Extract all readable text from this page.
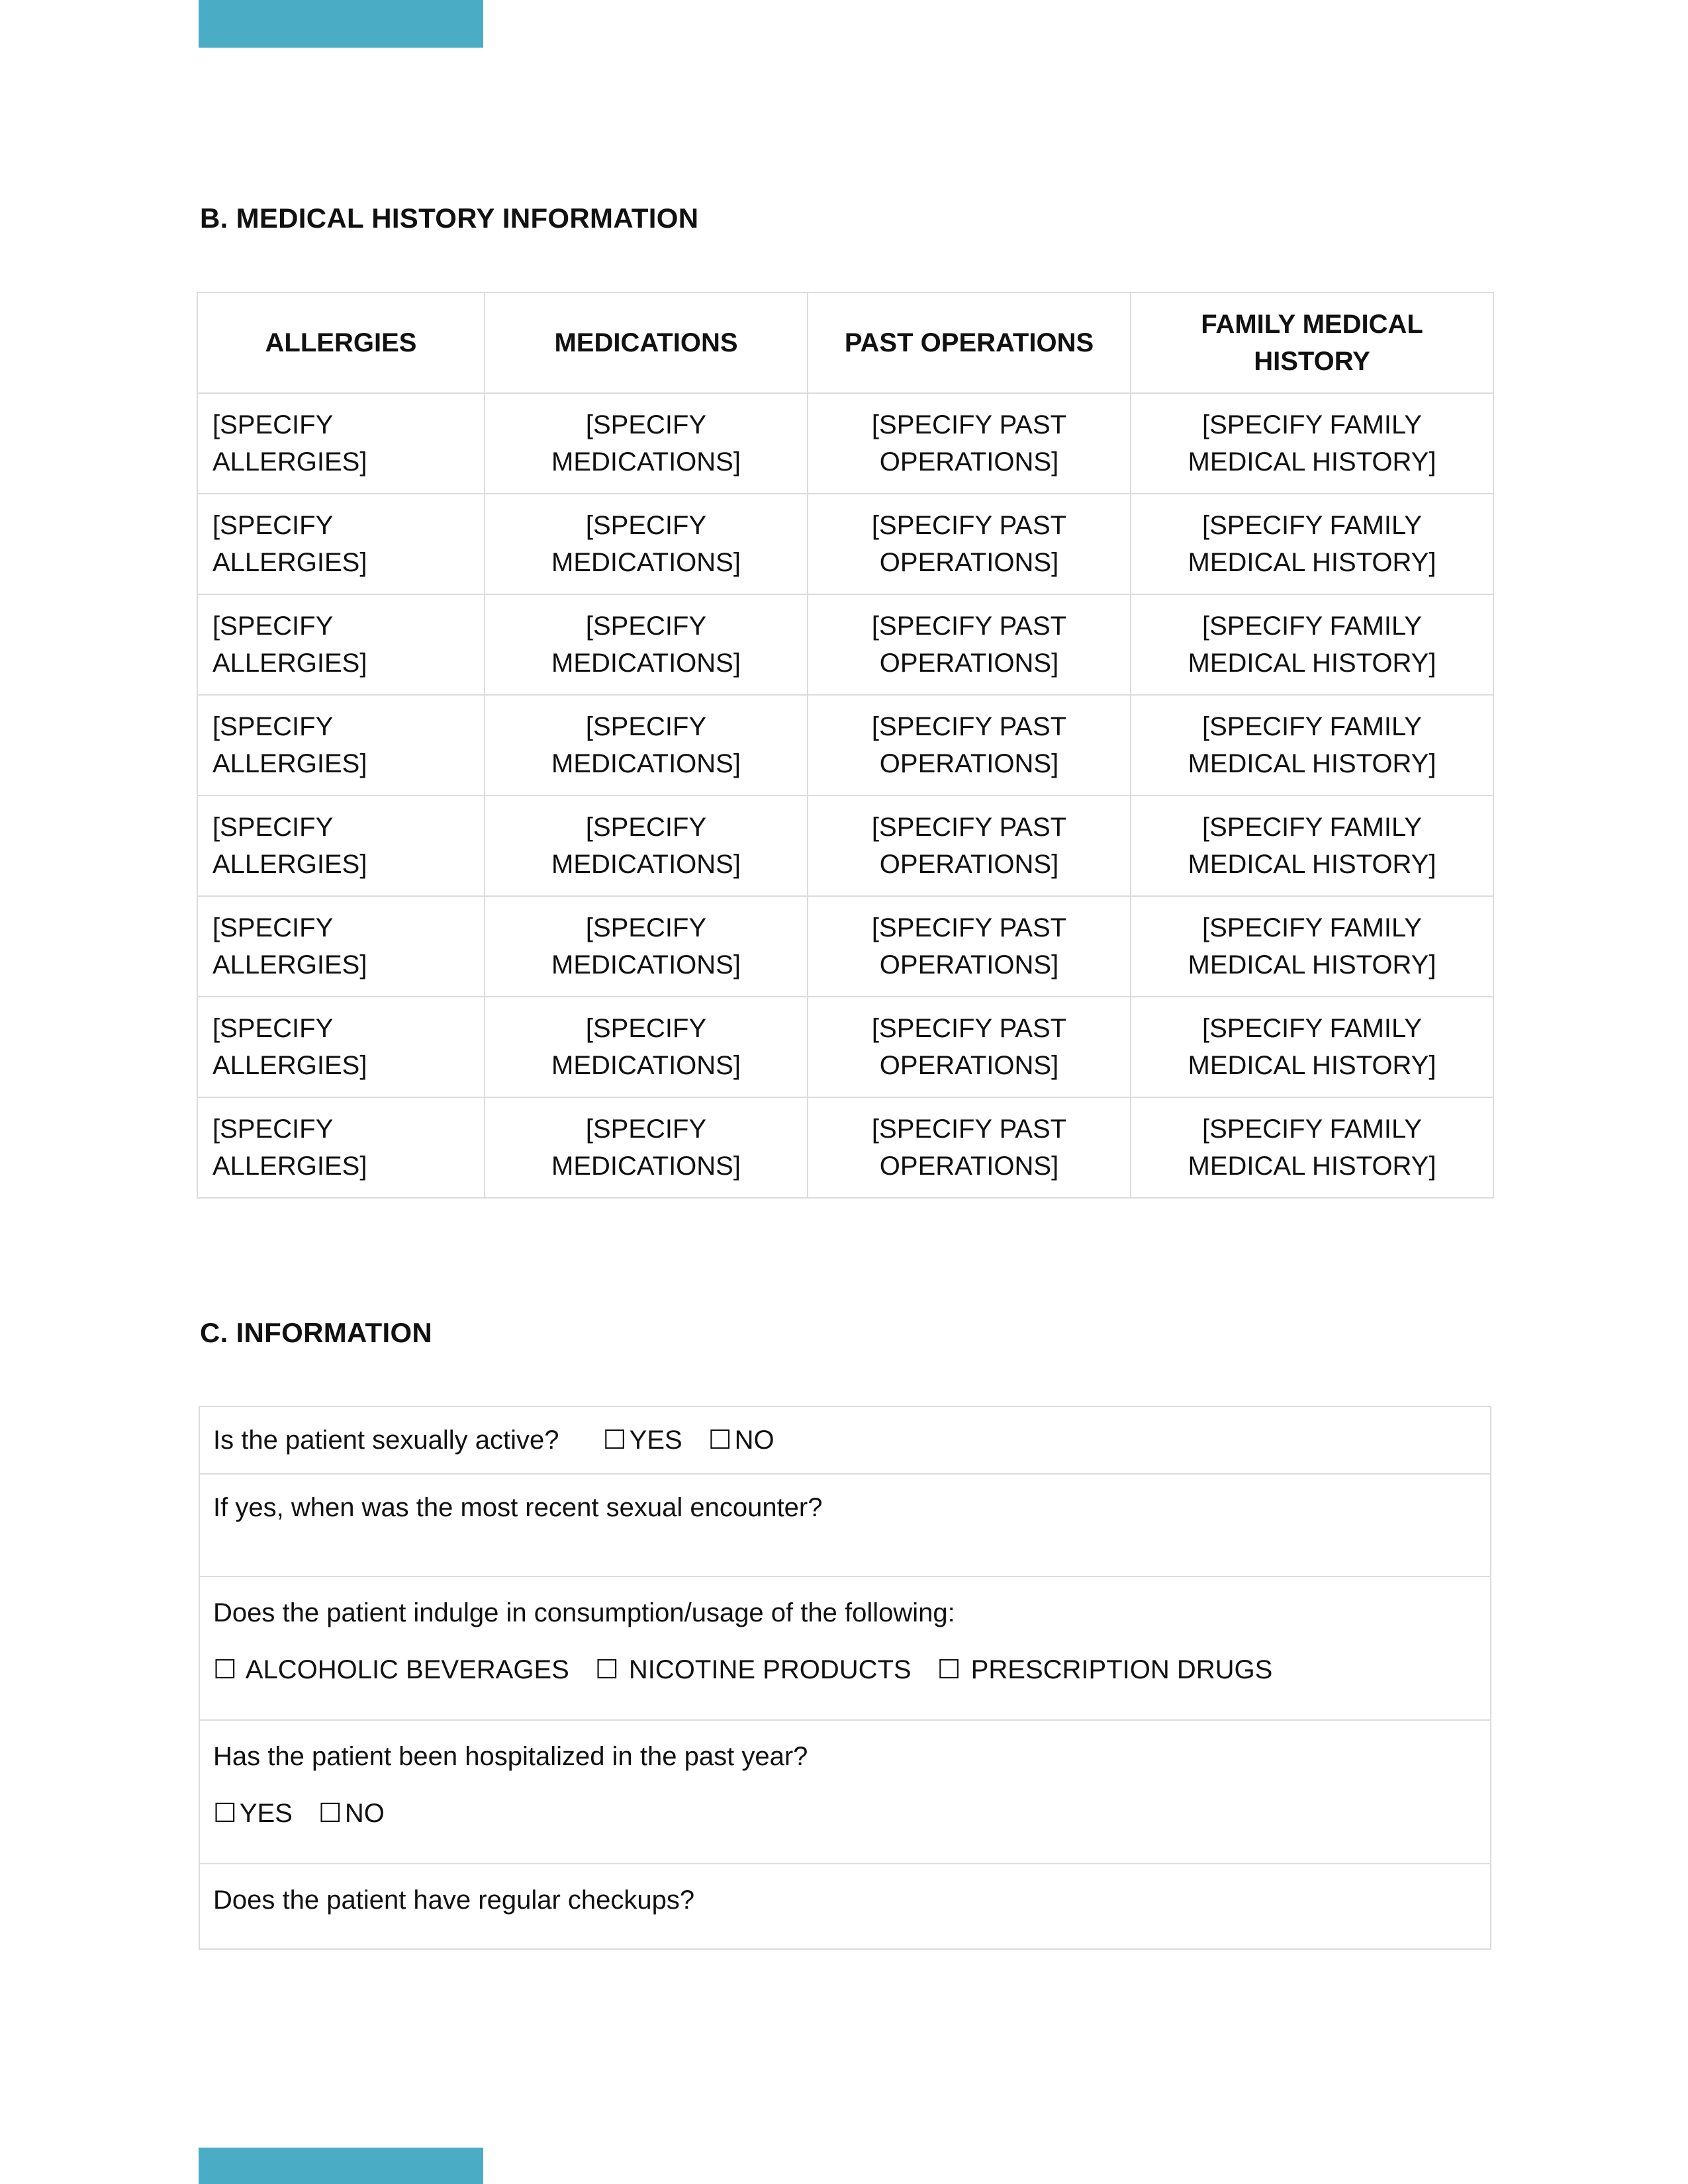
B. MEDICAL HISTORY INFORMATION
ALLERGIES	MEDICATIONS	PAST OPERATIONS	FAMILY MEDICAL HISTORY
[SPECIFY ALLERGIES]	[SPECIFY MEDICATIONS]	[SPECIFY PAST OPERATIONS]	[SPECIFY FAMILY MEDICAL HISTORY]
[SPECIFY ALLERGIES]	[SPECIFY MEDICATIONS]	[SPECIFY PAST OPERATIONS]	[SPECIFY FAMILY MEDICAL HISTORY]
[SPECIFY ALLERGIES]	[SPECIFY MEDICATIONS]	[SPECIFY PAST OPERATIONS]	[SPECIFY FAMILY MEDICAL HISTORY]
[SPECIFY ALLERGIES]	[SPECIFY MEDICATIONS]	[SPECIFY PAST OPERATIONS]	[SPECIFY FAMILY MEDICAL HISTORY]
[SPECIFY ALLERGIES]	[SPECIFY MEDICATIONS]	[SPECIFY PAST OPERATIONS]	[SPECIFY FAMILY MEDICAL HISTORY]
[SPECIFY ALLERGIES]	[SPECIFY MEDICATIONS]	[SPECIFY PAST OPERATIONS]	[SPECIFY FAMILY MEDICAL HISTORY]
[SPECIFY ALLERGIES]	[SPECIFY MEDICATIONS]	[SPECIFY PAST OPERATIONS]	[SPECIFY FAMILY MEDICAL HISTORY]
[SPECIFY ALLERGIES]	[SPECIFY MEDICATIONS]	[SPECIFY PAST OPERATIONS]	[SPECIFY FAMILY MEDICAL HISTORY]
C. INFORMATION
Is the patient sexually active? ☐ YES ☐ NO
If yes, when was the most recent sexual encounter?
Does the patient indulge in consumption/usage of the following:
☐ ALCOHOLIC BEVERAGES ☐ NICOTINE PRODUCTS ☐ PRESCRIPTION DRUGS
Has the patient been hospitalized in the past year?
☐ YES ☐ NO
Does the patient have regular checkups?
